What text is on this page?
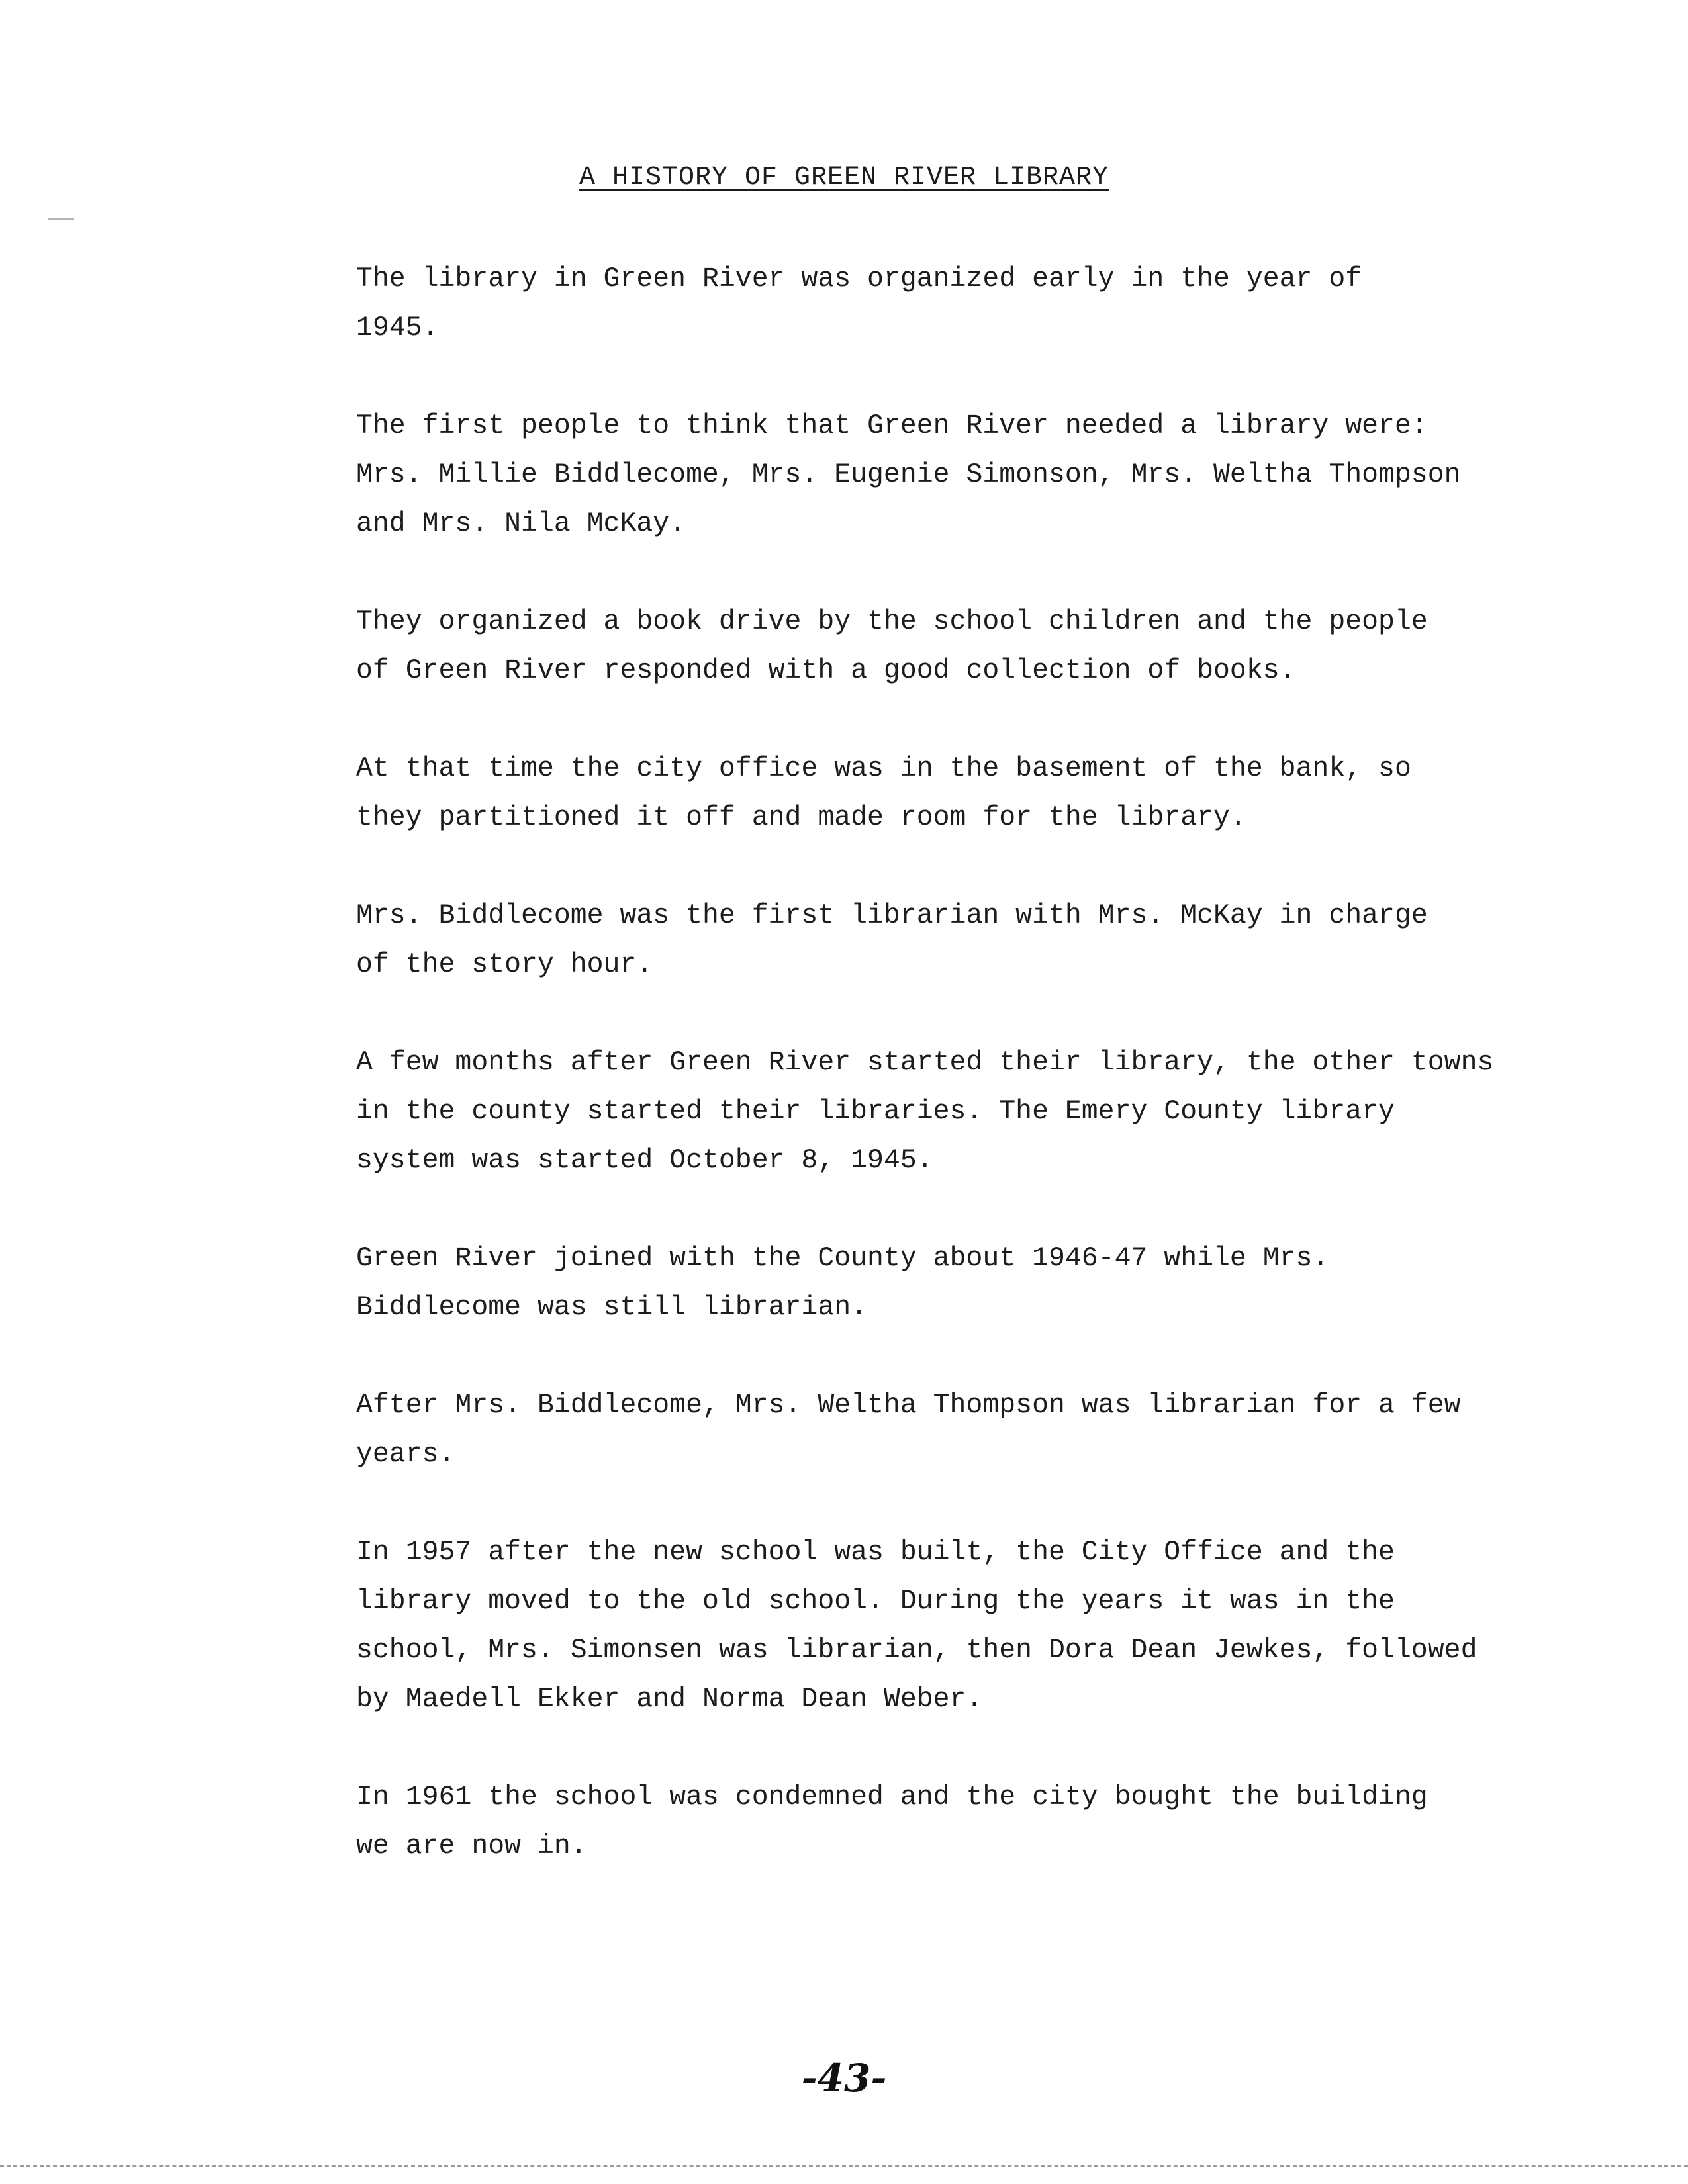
A HISTORY OF GREEN RIVER LIBRARY

The library in Green River was organized early in the year of
1945.

The first people to think that Green River needed a library were:
Mrs. Millie Biddlecome, Mrs. Eugenie Simonson, Mrs. Weltha Thompson
and Mrs. Nila McKay.

They organized a book drive by the school children and the people
of Green River responded with a good collection of books.

At that time the city office was in the basement of the bank, so
they partitioned it off and made room for the library.

Mrs. Biddlecome was the first librarian with Mrs. McKay in charge
of the story hour.

A few months after Green River started their library, the other towns
in the county started their libraries. The Emery County library
system was started October 8, 1945.

Green River joined with the County about 1946-47 while Mrs.
Biddlecome was still librarian.

After Mrs. Biddlecome, Mrs. Weltha Thompson was librarian for a few
years.

In 1957 after the new school was built, the City Office and the
library moved to the old school. During the years it was in the
school, Mrs. Simonsen was librarian, then Dora Dean Jewkes, followed
by Maedell Ekker and Norma Dean Weber.

In 1961 the school was condemned and the city bought the building
we are now in.

-43-
